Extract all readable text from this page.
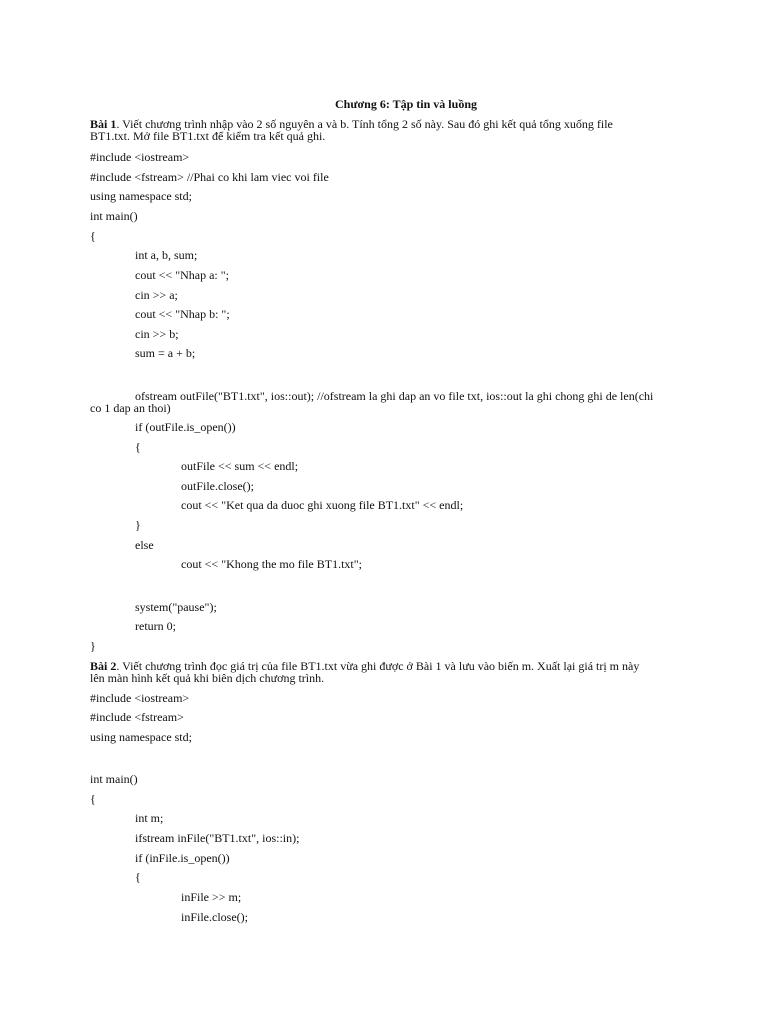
Chương 6: Tập tin và luồng
Bài 1. Viết chương trình nhập vào 2 số nguyên a và b. Tính tổng 2 số này. Sau đó ghi kết quả tổng xuống file
BT1.txt. Mở file BT1.txt để kiểm tra kết quả ghi.
#include <iostream>
#include <fstream> //Phai co khi lam viec voi file
using namespace std;
int main()
{
int a, b, sum;
cout << "Nhap a: ";
cin >> a;
cout << "Nhap b: ";
cin >> b;
sum = a + b;
ofstream outFile("BT1.txt", ios::out); //ofstream la ghi dap an vo file txt, ios::out la ghi chong ghi de len(chi
co 1 dap an thoi)
if (outFile.is_open())
{
outFile << sum << endl;
outFile.close();
cout << "Ket qua da duoc ghi xuong file BT1.txt" << endl;
}
else
cout << "Khong the mo file BT1.txt";
system("pause");
return 0;
}
Bài 2. Viết chương trình đọc giá trị của file BT1.txt vừa ghi được ở Bài 1 và lưu vào biến m. Xuất lại giá trị m này
lên màn hình kết quả khi biên dịch chương trình.
#include <iostream>
#include <fstream>
using namespace std;
int main()
{
int m;
ifstream inFile("BT1.txt", ios::in);
if (inFile.is_open())
{
inFile >> m;
inFile.close();
